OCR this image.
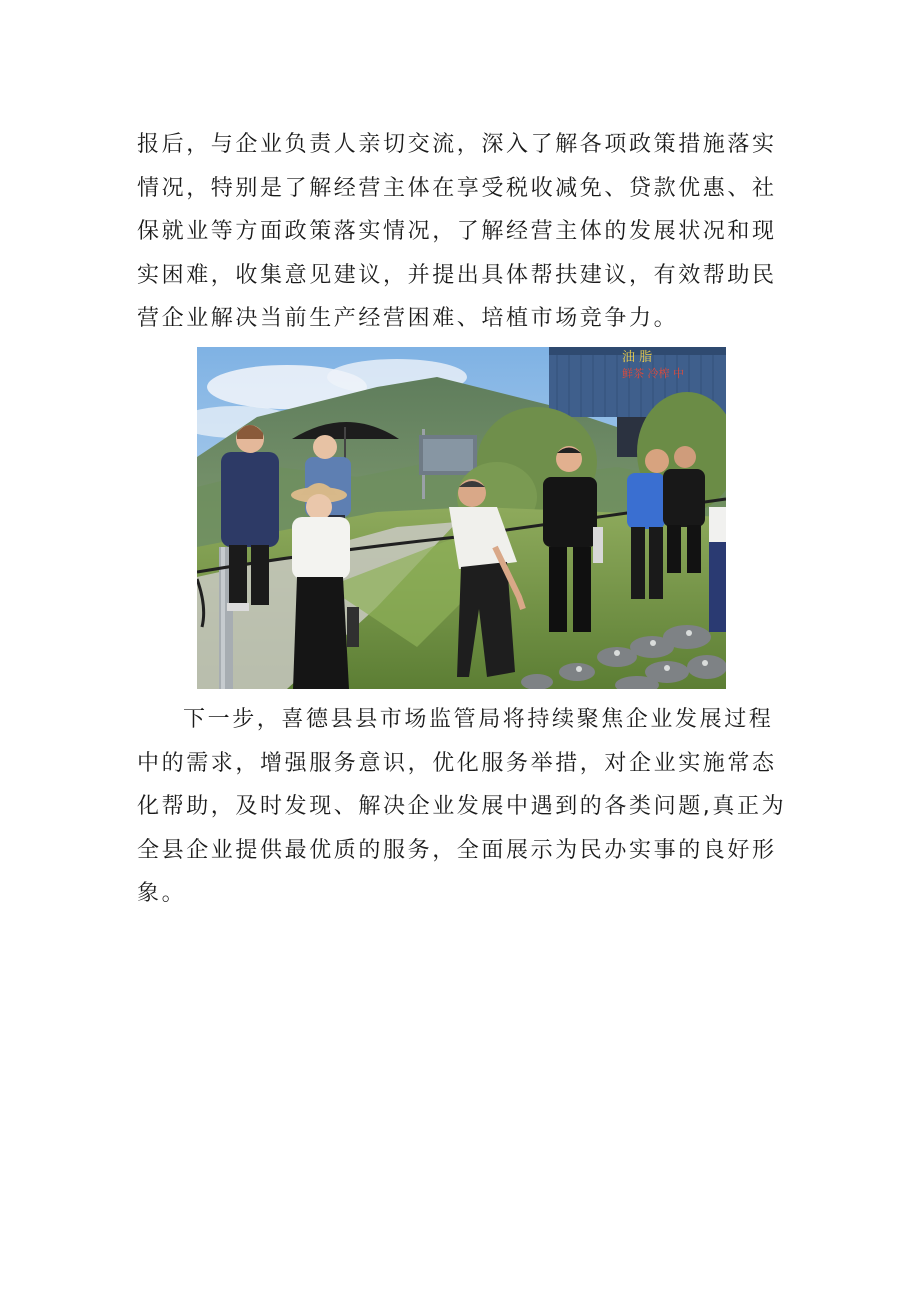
报后，与企业负责人亲切交流，深入了解各项政策措施落实
情况，特别是了解经营主体在享受税收减免、贷款优惠、社
保就业等方面政策落实情况，了解经营主体的发展状况和现
实困难，收集意见建议，并提出具体帮扶建议，有效帮助民
营企业解决当前生产经营困难、培植市场竞争力。
油 脂
鲜茶 冷榨 中
下一步，喜德县县市场监管局将持续聚焦企业发展过程
中的需求，增强服务意识，优化服务举措，对企业实施常态
化帮助，及时发现、解决企业发展中遇到的各类问题,真正为
全县企业提供最优质的服务，全面展示为民办实事的良好形
象。
